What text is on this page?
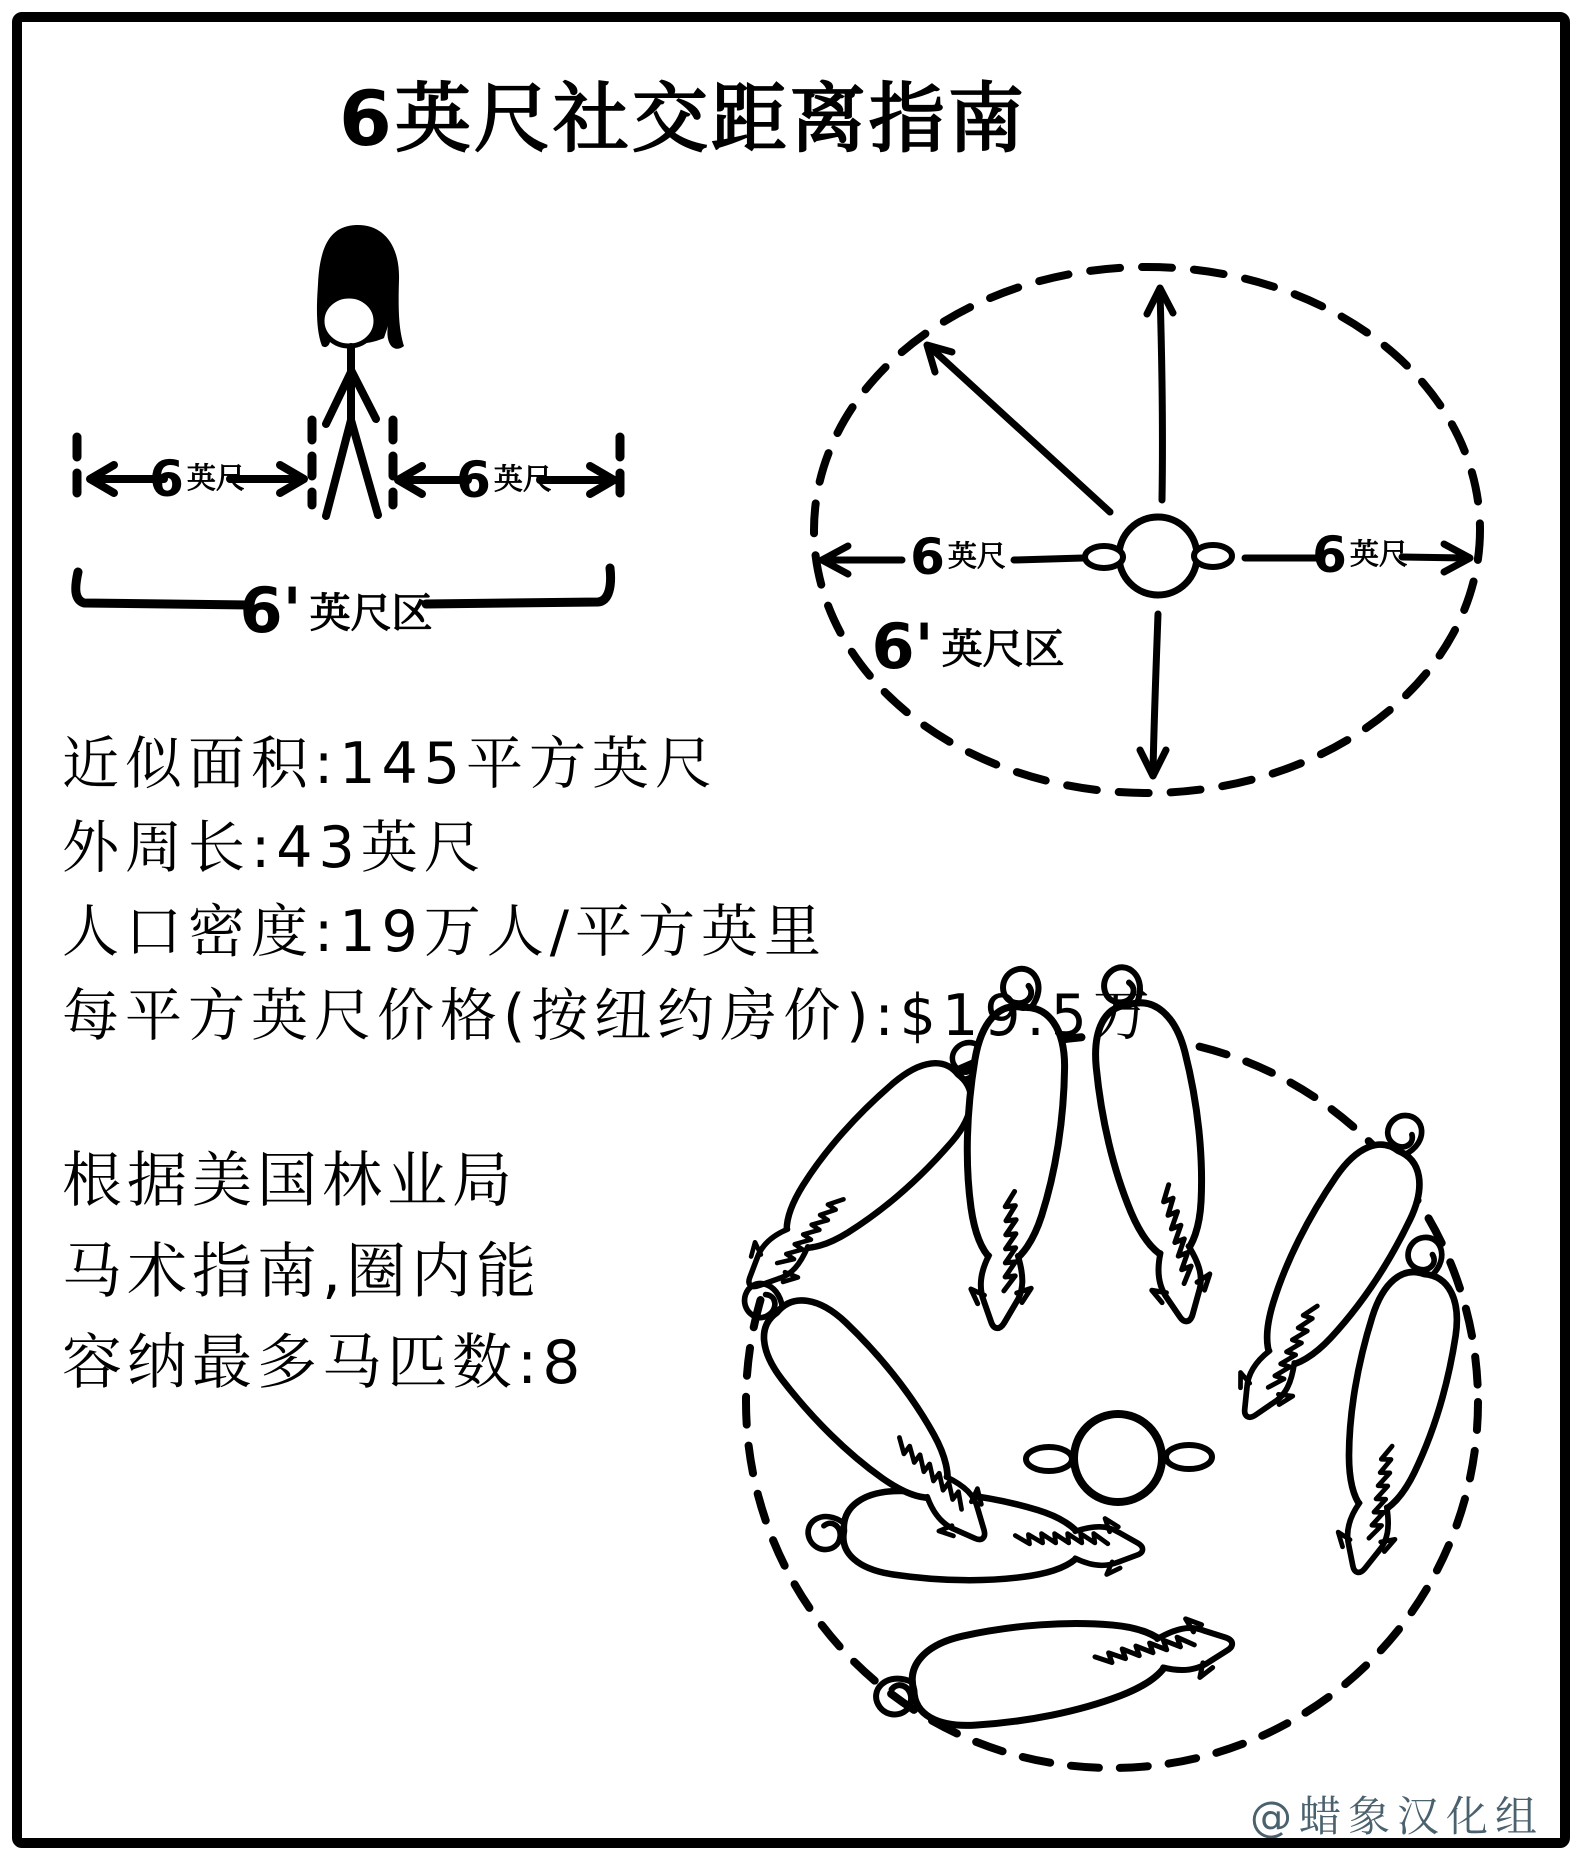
6英尺社交距离指南
6 英尺	6 英尺
6' 英尺区
6 英尺	6 英尺
6' 英尺区
近似面积:145平方英尺
外周长:43英尺
人口密度:19万人/平方英里
每平方英尺价格(按纽约房价):$19.5万
根据美国林业局
马术指南,圈内能
容纳最多马匹数:8
@蜡象汉化组
